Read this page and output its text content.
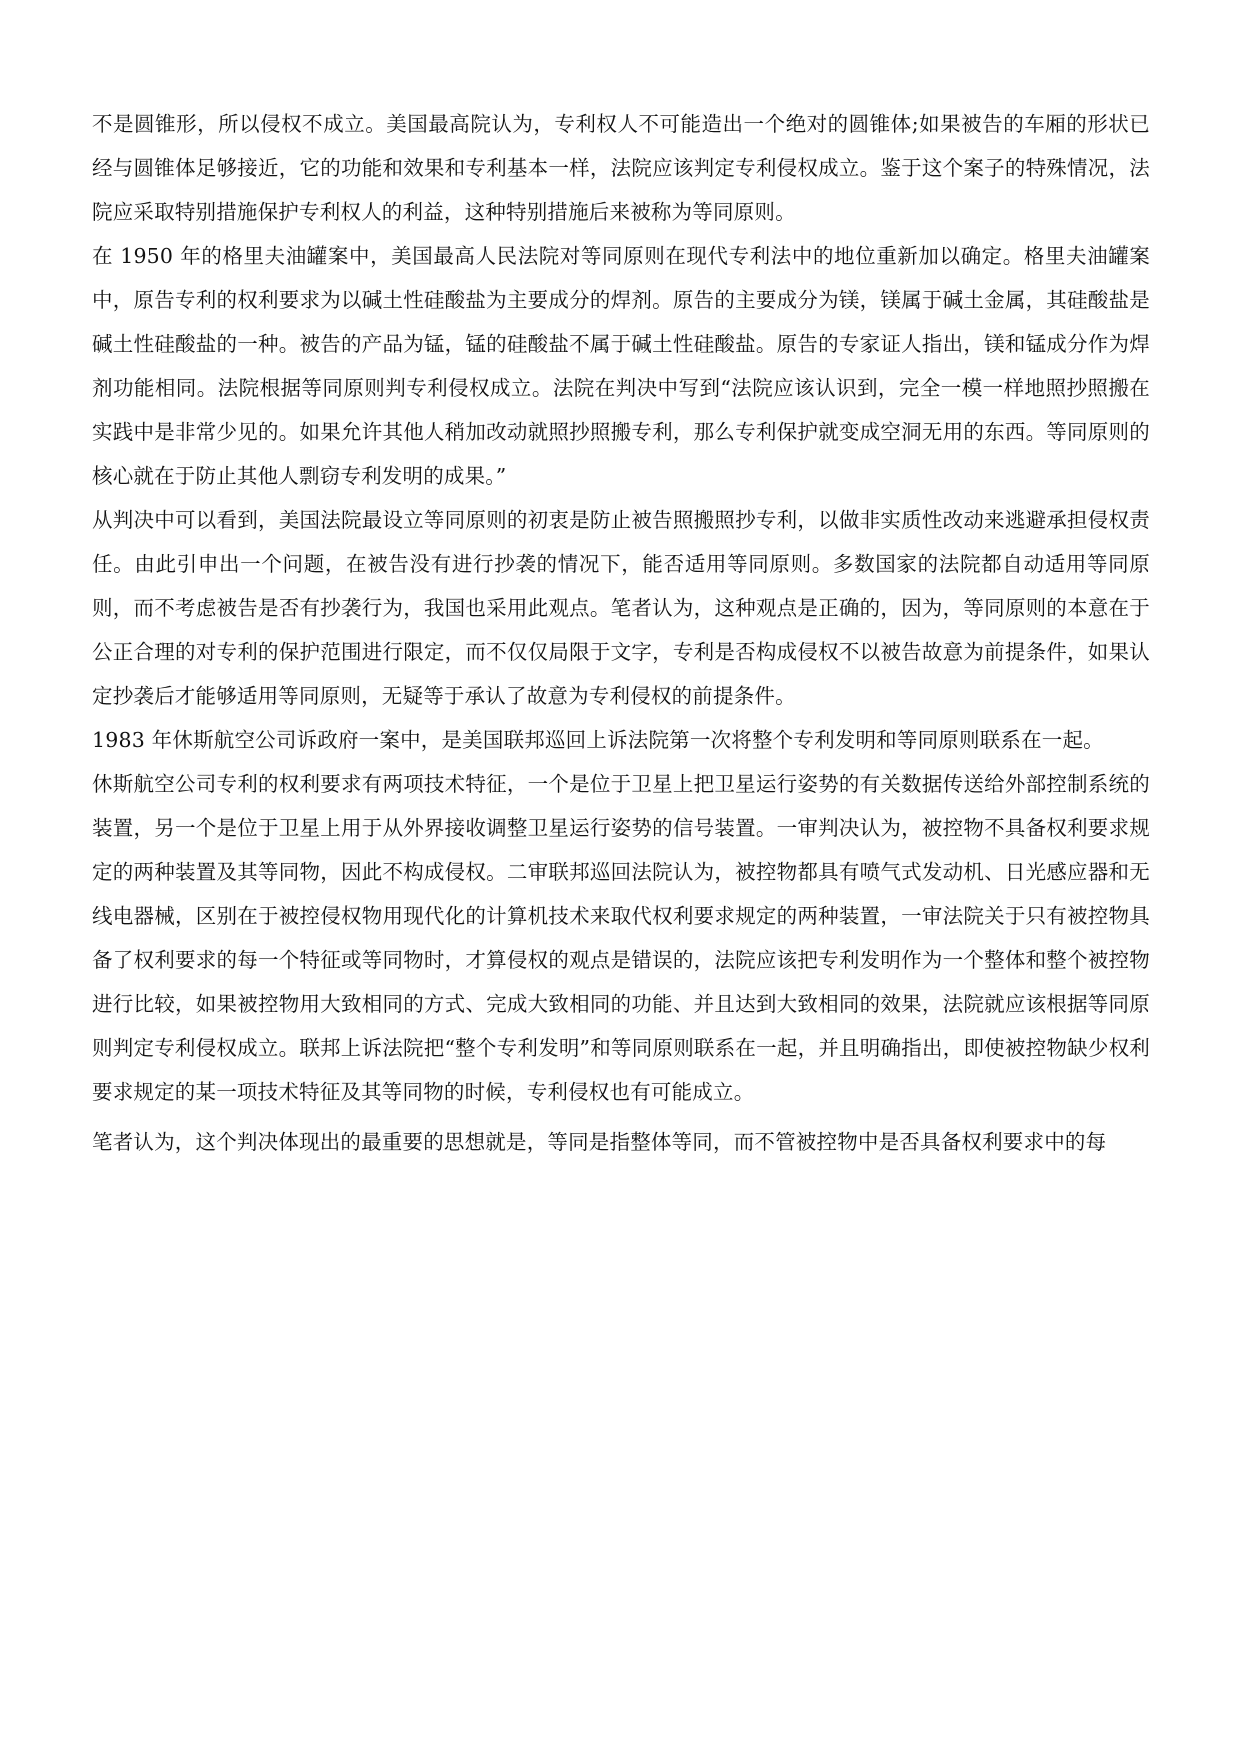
不是圆锥形，所以侵权不成立。美国最高院认为，专利权人不可能造出一个绝对的圆锥体;如果被告的车厢的形状已经与圆锥体足够接近，它的功能和效果和专利基本一样，法院应该判定专利侵权成立。鉴于这个案子的特殊情况，法院应采取特别措施保护专利权人的利益，这种特别措施后来被称为等同原则。

在 1950 年的格里夫油罐案中，美国最高人民法院对等同原则在现代专利法中的地位重新加以确定。格里夫油罐案中，原告专利的权利要求为以碱土性硅酸盐为主要成分的焊剂。原告的主要成分为镁，镁属于碱土金属，其硅酸盐是碱土性硅酸盐的一种。被告的产品为锰，锰的硅酸盐不属于碱土性硅酸盐。原告的专家证人指出，镁和锰成分作为焊剂功能相同。法院根据等同原则判专利侵权成立。法院在判决中写到“法院应该认识到，完全一模一样地照抄照搬在实践中是非常少见的。如果允许其他人稍加改动就照抄照搬专利，那么专利保护就变成空洞无用的东西。等同原则的核心就在于防止其他人剽窃专利发明的成果。”

从判决中可以看到，美国法院最设立等同原则的初衷是防止被告照搬照抄专利，以做非实质性改动来逃避承担侵权责任。由此引申出一个问题，在被告没有进行抄袭的情况下，能否适用等同原则。多数国家的法院都自动适用等同原则，而不考虑被告是否有抄袭行为，我国也采用此观点。笔者认为，这种观点是正确的，因为，等同原则的本意在于公正合理的对专利的保护范围进行限定，而不仅仅局限于文字，专利是否构成侵权不以被告故意为前提条件，如果认定抄袭后才能够适用等同原则，无疑等于承认了故意为专利侵权的前提条件。

1983 年休斯航空公司诉政府一案中，是美国联邦巡回上诉法院第一次将整个专利发明和等同原则联系在一起。

休斯航空公司专利的权利要求有两项技术特征，一个是位于卫星上把卫星运行姿势的有关数据传送给外部控制系统的装置，另一个是位于卫星上用于从外界接收调整卫星运行姿势的信号装置。一审判决认为，被控物不具备权利要求规定的两种装置及其等同物，因此不构成侵权。二审联邦巡回法院认为，被控物都具有喷气式发动机、日光感应器和无线电器械，区别在于被控侵权物用现代化的计算机技术来取代权利要求规定的两种装置，一审法院关于只有被控物具备了权利要求的每一个特征或等同物时，才算侵权的观点是错误的，法院应该把专利发明作为一个整体和整个被控物进行比较，如果被控物用大致相同的方式、完成大致相同的功能、并且达到大致相同的效果，法院就应该根据等同原则判定专利侵权成立。联邦上诉法院把“整个专利发明”和等同原则联系在一起，并且明确指出，即使被控物缺少权利要求规定的某一项技术特征及其等同物的时候，专利侵权也有可能成立。

笔者认为，这个判决体现出的最重要的思想就是，等同是指整体等同，而不管被控物中是否具备权利要求中的每
